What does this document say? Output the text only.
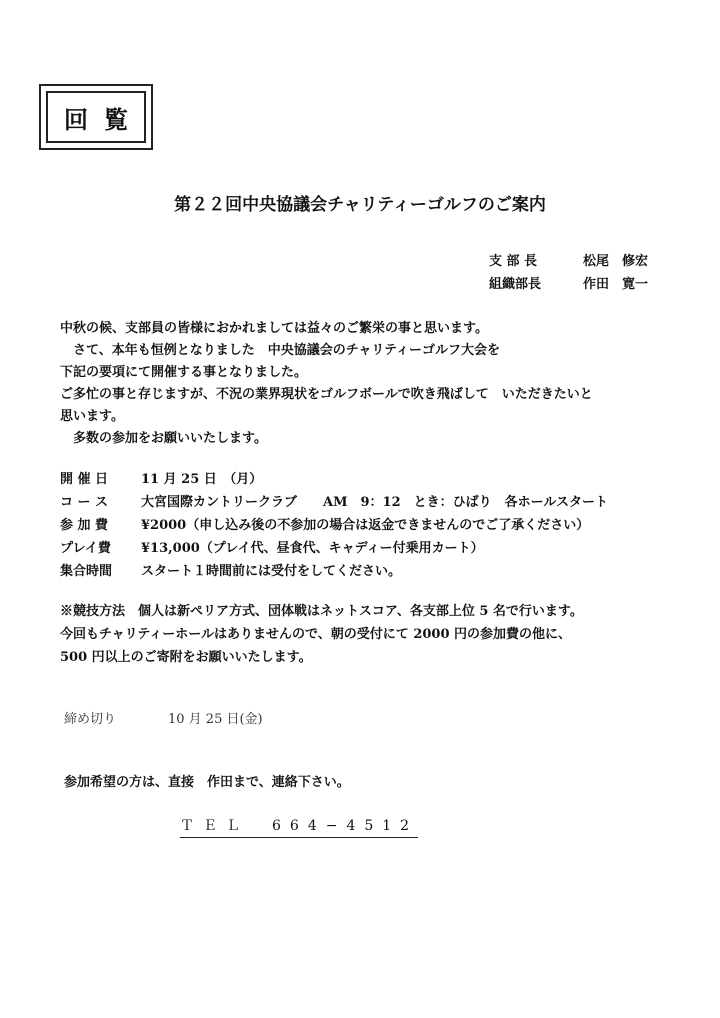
回覧
第２２回中央協議会チャリティーゴルフのご案内
支 部 長	松尾　修宏
組織部長	作田　寛一
中秋の候、支部員の皆様におかれましては益々のご繁栄の事と思います。
　さて、本年も恒例となりました　中央協議会のチャリティーゴルフ大会を
下記の要項にて開催する事となりました。
ご多忙の事と存じますが、不況の業界現状をゴルフボールで吹き飛ばして　いただきたいと
思います。
　多数の参加をお願いいたします。
開 催 日	11 月 25 日　（月）
コ ー ス	大宮国際カントリークラブ　　AM　9：12　とき：ひばり　各ホールスタート
参 加 費	¥2000（申し込み後の不参加の場合は返金できませんのでご了承ください）
プレイ費	¥13,000（プレイ代、昼食代、キャディー付乗用カート）
集合時間	スタート１時間前には受付をしてください。
※競技方法　個人は新ペリア方式、団体戦はネットスコア、各支部上位 5 名で行います。
今回もチャリティーホールはありませんので、朝の受付にて 2000 円の参加費の他に、
500 円以上のご寄附をお願いいたします。
締め切り	10 月 25 日(金)
参加希望の方は、直接　作田まで、連絡下さい。
ＴＥＬ　664−4512
